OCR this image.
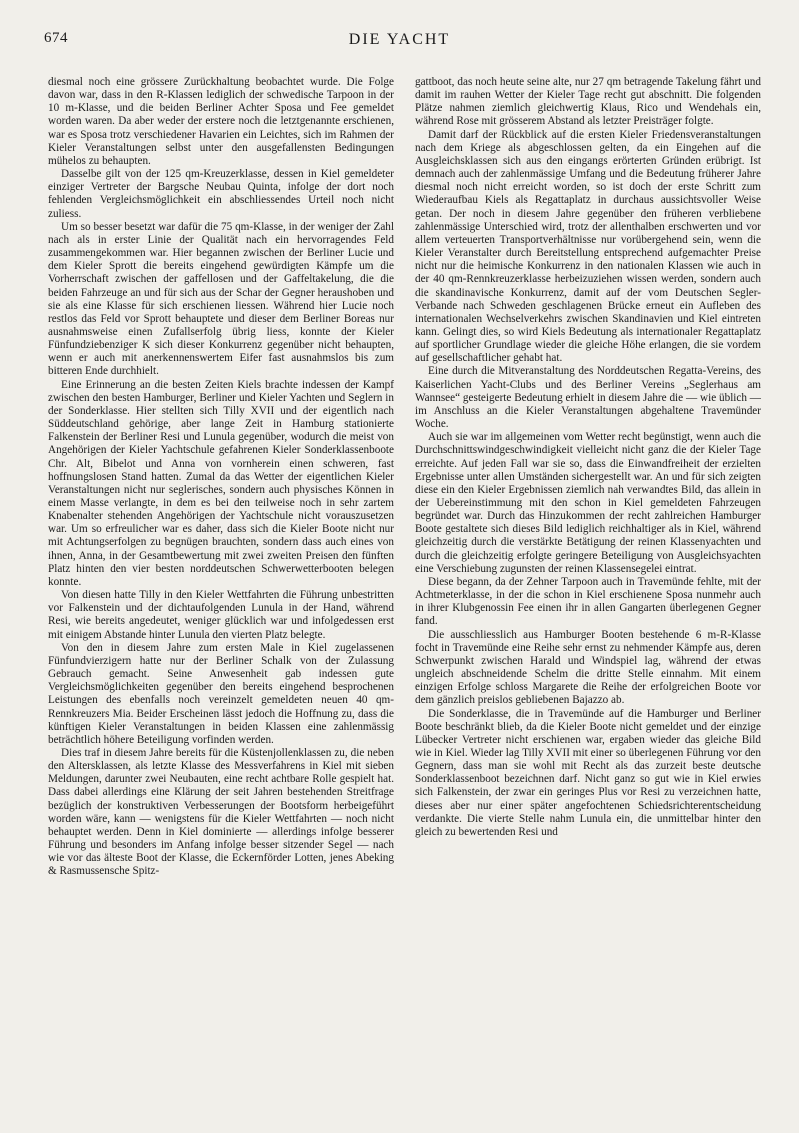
674	DIE YACHT

diesmal noch eine grössere Zurückhaltung beobachtet wurde. Die Folge davon war, dass in den R-Klassen lediglich der schwedische Tarpoon in der 10 m-Klasse, und die beiden Berliner Achter Sposa und Fee gemeldet worden waren. Da aber weder der erstere noch die letztgenannte erschienen, war es Sposa trotz verschiedener Havarien ein Leichtes, sich im Rahmen der Kieler Veranstaltungen selbst unter den ausgefallensten Bedingungen mühelos zu behaupten.

Dasselbe gilt von der 125 qm-Kreuzerklasse, dessen in Kiel gemeldeter einziger Vertreter der Bargsche Neubau Quinta, infolge der dort noch fehlenden Vergleichsmöglichkeit ein abschliessendes Urteil noch nicht zuliess.

Um so besser besetzt war dafür die 75 qm-Klasse, in der weniger der Zahl nach als in erster Linie der Qualität nach ein hervorragendes Feld zusammengekommen war. Hier begannen zwischen der Berliner Lucie und dem Kieler Sprott die bereits eingehend gewürdigten Kämpfe um die Vorherrschaft zwischen der gaffellosen und der Gaffeltakelung, die die beiden Fahrzeuge an und für sich aus der Schar der Gegner heraushoben und sie als eine Klasse für sich erschienen liessen. Während hier Lucie noch restlos das Feld vor Sprott behauptete und dieser dem Berliner Boreas nur ausnahmsweise einen Zufallserfolg übrig liess, konnte der Kieler Fünfundziebenziger K sich dieser Konkurrenz gegenüber nicht behaupten, wenn er auch mit anerkennenswertem Eifer fast ausnahmslos bis zum bitteren Ende durchhielt.

Eine Erinnerung an die besten Zeiten Kiels brachte indessen der Kampf zwischen den besten Hamburger, Berliner und Kieler Yachten und Seglern in der Sonderklasse. Hier stellten sich Tilly XVII und der eigentlich nach Süddeutschland gehörige, aber lange Zeit in Hamburg stationierte Falkenstein der Berliner Resi und Lunula gegenüber, wodurch die meist von Angehörigen der Kieler Yachtschule gefahrenen Kieler Sonderklassenboote Chr. Alt, Bibelot und Anna von vornherein einen schweren, fast hoffnungslosen Stand hatten. Zumal da das Wetter der eigentlichen Kieler Veranstaltungen nicht nur seglerisches, sondern auch physisches Können in einem Masse verlangte, in dem es bei den teilweise noch in sehr zartem Knabenalter stehenden Angehörigen der Yachtschule nicht vorauszusetzen war. Um so erfreulicher war es daher, dass sich die Kieler Boote nicht nur mit Achtungserfolgen zu begnügen brauchten, sondern dass auch eines von ihnen, Anna, in der Gesamtbewertung mit zwei zweiten Preisen den fünften Platz hinten den vier besten norddeutschen Schwerwetterbooten belegen konnte.

Von diesen hatte Tilly in den Kieler Wettfahrten die Führung unbestritten vor Falkenstein und der dichtaufolgenden Lunula in der Hand, während Resi, wie bereits angedeutet, weniger glücklich war und infolgedessen erst mit einigem Abstande hinter Lunula den vierten Platz belegte.

Von den in diesem Jahre zum ersten Male in Kiel zugelassenen Fünfundvierzigern hatte nur der Berliner Schalk von der Zulassung Gebrauch gemacht. Seine Anwesenheit gab indessen gute Vergleichsmöglichkeiten gegenüber den bereits eingehend besprochenen Leistungen des ebenfalls noch vereinzelt gemeldeten neuen 40 qm-Rennkreuzers Mia. Beider Erscheinen lässt jedoch die Hoffnung zu, dass die künftigen Kieler Veranstaltungen in beiden Klassen eine zahlenmässig beträchtlich höhere Beteiligung vorfinden werden.

Dies traf in diesem Jahre bereits für die Küstenjollenklassen zu, die neben den Altersklassen, als letzte Klasse des Messverfahrens in Kiel mit sieben Meldungen, darunter zwei Neubauten, eine recht achtbare Rolle gespielt hat. Dass dabei allerdings eine Klärung der seit Jahren bestehenden Streitfrage bezüglich der konstruktiven Verbesserungen der Bootsform herbeigeführt worden wäre, kann — wenigstens für die Kieler Wettfahrten — noch nicht behauptet werden. Denn in Kiel dominierte — allerdings infolge besserer Führung und besonders im Anfang infolge besser sitzender Segel — nach wie vor das älteste Boot der Klasse, die Eckernförder Lotten, jenes Abeking & Rasmussensche Spitz-

gattboot, das noch heute seine alte, nur 27 qm betragende Takelung fährt und damit im rauhen Wetter der Kieler Tage recht gut abschnitt. Die folgenden Plätze nahmen ziemlich gleichwertig Klaus, Rico und Wendehals ein, während Rose mit grösserem Abstand als letzter Preisträger folgte.

Damit darf der Rückblick auf die ersten Kieler Friedensveranstaltungen nach dem Kriege als abgeschlossen gelten, da ein Eingehen auf die Ausgleichsklassen sich aus den eingangs erörterten Gründen erübrigt. Ist demnach auch der zahlenmässige Umfang und die Bedeutung früherer Jahre diesmal noch nicht erreicht worden, so ist doch der erste Schritt zum Wiederaufbau Kiels als Regattaplatz in durchaus aussichtsvoller Weise getan. Der noch in diesem Jahre gegenüber den früheren verbliebene zahlenmässige Unterschied wird, trotz der allenthalben erschwerten und vor allem verteuerten Transportverhältnisse nur vorübergehend sein, wenn die Kieler Veranstalter durch Bereitstellung entsprechend aufgemachter Preise nicht nur die heimische Konkurrenz in den nationalen Klassen wie auch in der 40 qm-Rennkreuzerklasse herbeizuziehen wissen werden, sondern auch die skandinavische Konkurrenz, damit auf der vom Deutschen Segler-Verbande nach Schweden geschlagenen Brücke erneut ein Aufleben des internationalen Wechselverkehrs zwischen Skandinavien und Kiel eintreten kann. Gelingt dies, so wird Kiels Bedeutung als internationaler Regattaplatz auf sportlicher Grundlage wieder die gleiche Höhe erlangen, die sie vordem auf gesellschaftlicher gehabt hat.

Eine durch die Mitveranstaltung des Norddeutschen Regatta-Vereins, des Kaiserlichen Yacht-Clubs und des Berliner Vereins „Seglerhaus am Wannsee“ gesteigerte Bedeutung erhielt in diesem Jahre die — wie üblich — im Anschluss an die Kieler Veranstaltungen abgehaltene Travemünder Woche.

Auch sie war im allgemeinen vom Wetter recht begünstigt, wenn auch die Durchschnittswindgeschwindigkeit vielleicht nicht ganz die der Kieler Tage erreichte. Auf jeden Fall war sie so, dass die Einwandfreiheit der erzielten Ergebnisse unter allen Umständen sichergestellt war. An und für sich zeigten diese ein den Kieler Ergebnissen ziemlich nah verwandtes Bild, das allein in der Uebereinstimmung mit den schon in Kiel gemeldeten Fahrzeugen begründet war. Durch das Hinzukommen der recht zahlreichen Hamburger Boote gestaltete sich dieses Bild lediglich reichhaltiger als in Kiel, während gleichzeitig durch die verstärkte Betätigung der reinen Klassenyachten und durch die gleichzeitig erfolgte geringere Beteiligung von Ausgleichsyachten eine Verschiebung zugunsten der reinen Klassensegelei eintrat.

Diese begann, da der Zehner Tarpoon auch in Travemünde fehlte, mit der Achtmeterklasse, in der die schon in Kiel erschienene Sposa nunmehr auch in ihrer Klubgenossin Fee einen ihr in allen Gangarten überlegenen Gegner fand.

Die ausschliesslich aus Hamburger Booten bestehende 6 m-R-Klasse focht in Travemünde eine Reihe sehr ernst zu nehmender Kämpfe aus, deren Schwerpunkt zwischen Harald und Windspiel lag, während der etwas ungleich abschneidende Schelm die dritte Stelle einnahm. Mit einem einzigen Erfolge schloss Margarete die Reihe der erfolgreichen Boote vor dem gänzlich preislos gebliebenen Bajazzo ab.

Die Sonderklasse, die in Travemünde auf die Hamburger und Berliner Boote beschränkt blieb, da die Kieler Boote nicht gemeldet und der einzige Lübecker Vertreter nicht erschienen war, ergaben wieder das gleiche Bild wie in Kiel. Wieder lag Tilly XVII mit einer so überlegenen Führung vor den Gegnern, dass man sie wohl mit Recht als das zurzeit beste deutsche Sonderklassenboot bezeichnen darf. Nicht ganz so gut wie in Kiel erwies sich Falkenstein, der zwar ein geringes Plus vor Resi zu verzeichnen hatte, dieses aber nur einer später angefochtenen Schiedsrichterentscheidung verdankte. Die vierte Stelle nahm Lunula ein, die unmittelbar hinter den gleich zu bewertenden Resi und
